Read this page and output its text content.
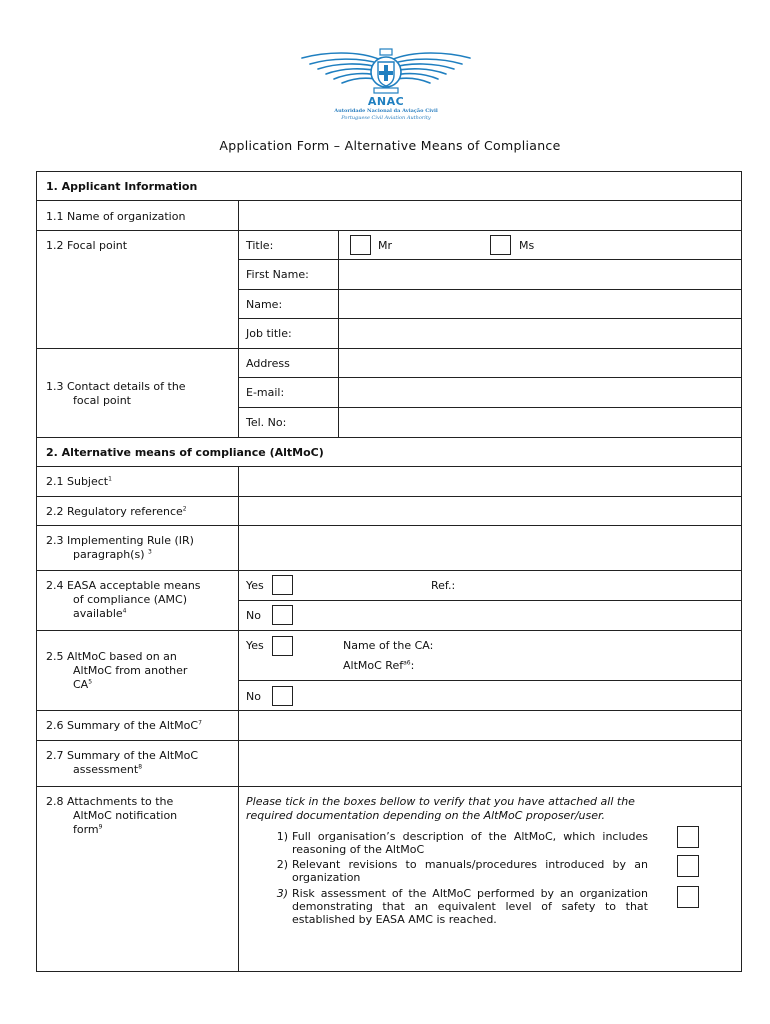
ANAC
Autoridade Nacional da Aviação Civil
Portuguese Civil Aviation Authority
Application Form – Alternative Means of Compliance
1. Applicant Information
1.1 Name of organization
1.2 Focal point	Title:	Mr	Ms
First Name:
Name:
Job title:
1.3 Contact details of the
focal point
Address
E-mail:
Tel. No:
2. Alternative means of compliance (AltMoC)
2.1 Subject$^1$
2.2 Regulatory reference$^2$
2.3 Implementing Rule (IR)
paragraph(s) $^3$
2.4 EASA acceptable means
of compliance (AMC)
available$^4$
Yes	Ref.:
No
2.5 AltMoC based on an
AltMoC from another
$CA^5$
Yes	Name of the CA:
AltMoC Ref$^{a6}$:
No
2.6 Summary of the AltMoC$^7$
2.7 Summary of the AltMoC
assessment$^8$
2.8 Attachments to the
AltMoC notification
form$^9$
Please tick in the boxes bellow to verify that you have attached all the
required documentation depending on the AltMoC proposer/user.
1) Full organisation’s description of the AltMoC, which includes reasoning of the AltMoC
2) Relevant revisions to manuals/procedures introduced by an organization
3) Risk assessment of the AltMoC performed by an organization demonstrating that an equivalent level of safety to that established by EASA AMC is reached.
